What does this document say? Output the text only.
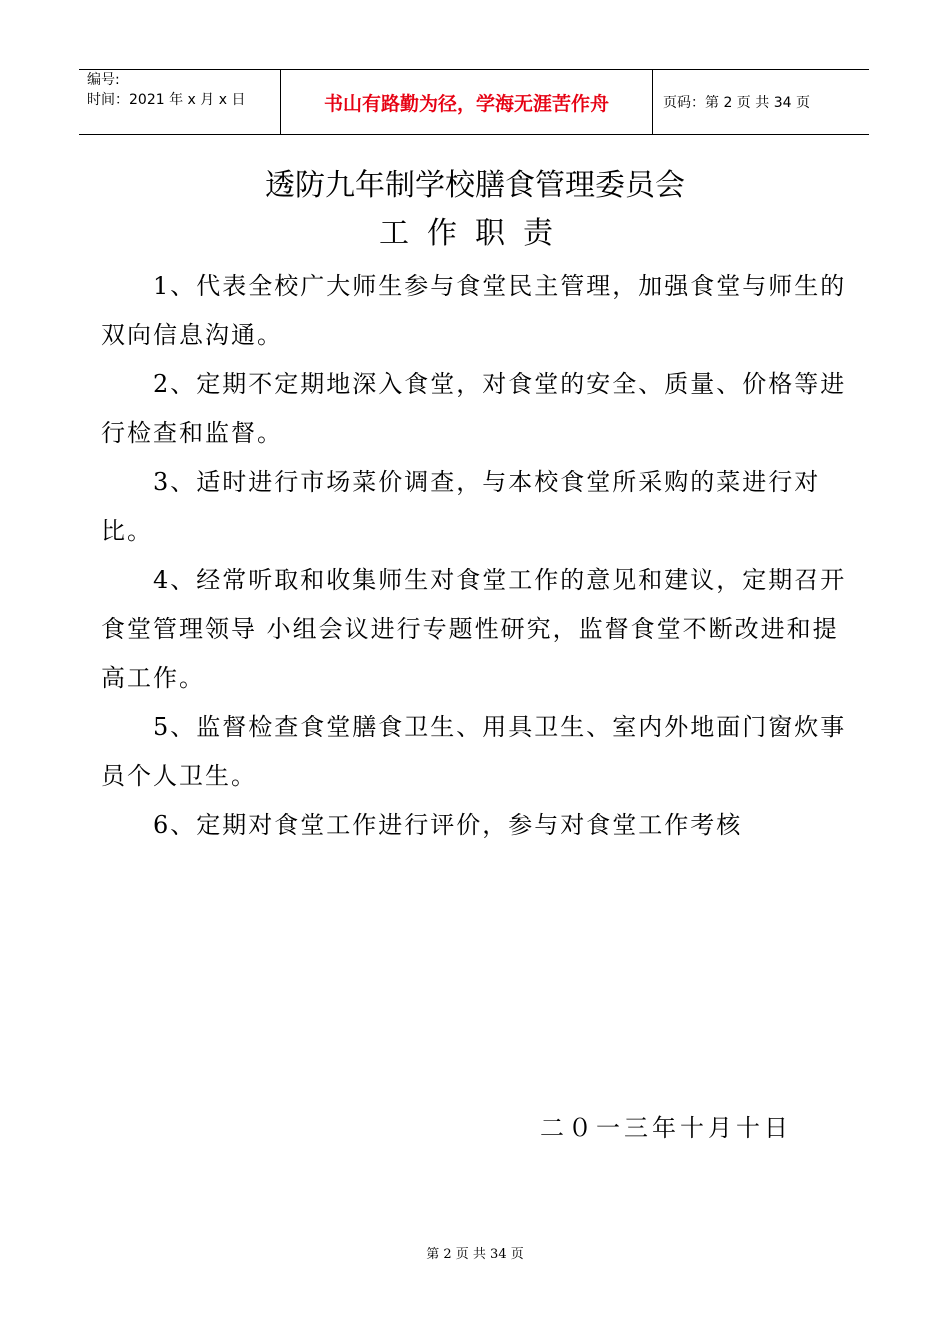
编号:
时间：2021 年 x 月 x 日	书山有路勤为径，学海无涯苦作舟	页码：第 2 页 共 34 页
透防九年制学校膳食管理委员会
工作职责

1、代表全校广大师生参与食堂民主管理，加强食堂与师生的双向信息沟通。

2、定期不定期地深入食堂，对食堂的安全、质量、价格等进行检查和监督。

3、适时进行市场菜价调查，与本校食堂所采购的菜进行对比。

4、经常听取和收集师生对食堂工作的意见和建议，定期召开食堂管理领导 小组会议进行专题性研究，监督食堂不断改进和提高工作。

5、监督检查食堂膳食卫生、用具卫生、室内外地面门窗炊事员个人卫生。

6、定期对食堂工作进行评价，参与对食堂工作考核

二０一三年十月十日
第 2 页 共 34 页
